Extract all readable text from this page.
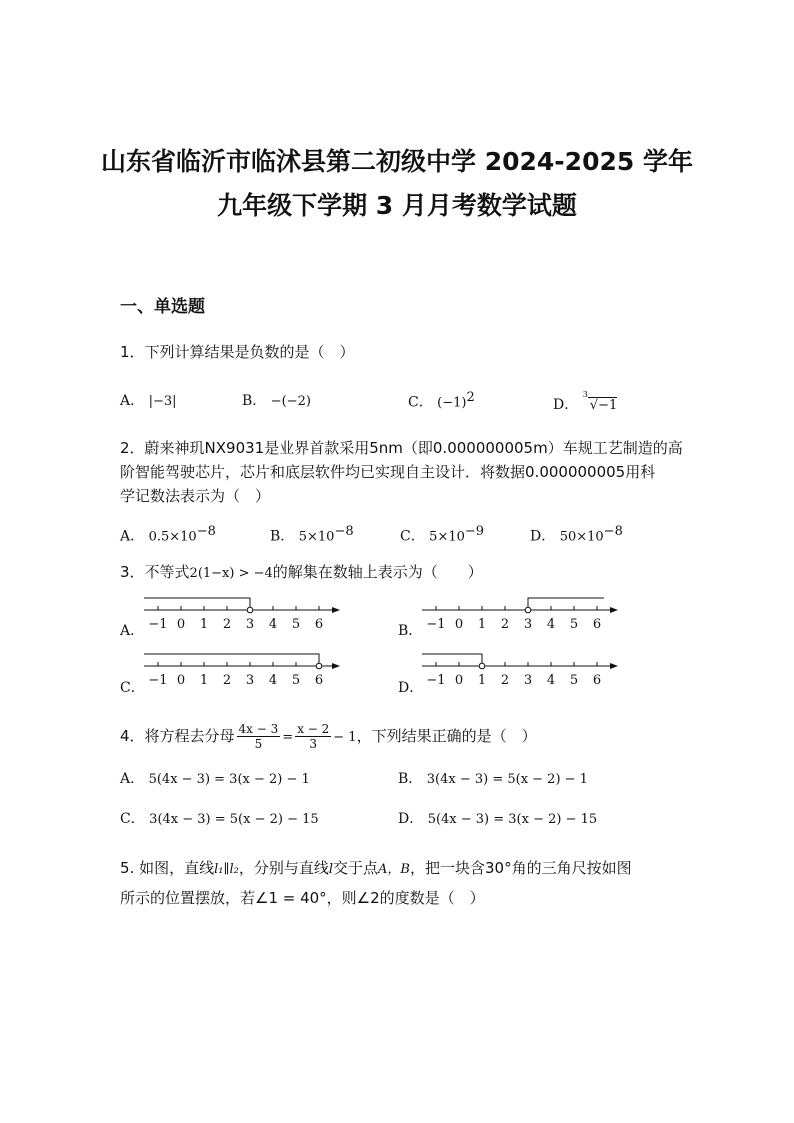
山东省临沂市临沭县第二初级中学 2024-2025 学年
九年级下学期 3 月月考数学试题
一、单选题
1．下列计算结果是负数的是（　）
A． |−3|	B． −(−2)	C． $(-1)^2$	D． $^3$√−1
2．蔚来神玑NX9031是业界首款采用5nm（即0.000000005m）车规工艺制造的高
阶智能驾驶芯片，芯片和底层软件均已实现自主设计．将数据0.000000005用科
学记数法表示为（　）
A． $0.5\times 10^{-8}$	B． $5\times 10^{-8}$	C． $5\times 10^{-9}$	D． $50\times 10^{-8}$
3．不等式2(1−x) > −4的解集在数轴上表示为（　　）
A．	B．
C．	D．
−1 0 1 2 3 4 5 6	−1 0 1 2 3 4 5 6
−1 0 1 2 3 4 5 6	−1 0 1 2 3 4 5 6
4．将方程去分母 $\frac{4x - 3}{5} = \frac{x - 2}{3} - 1$，下列结果正确的是（　）
A． 5(4x − 3) = 3(x − 2) − 1	B． 3(4x − 3) = 5(x − 2) − 1
C． 3(4x − 3) = 5(x − 2) − 15	D． 5(4x − 3) = 3(x − 2) − 15
5. 如图，直线l₁∥l₂，分别与直线l交于点A，B，把一块含30°角的三角尺按如图
所示的位置摆放，若∠1 = 40°，则∠2的度数是（　）
